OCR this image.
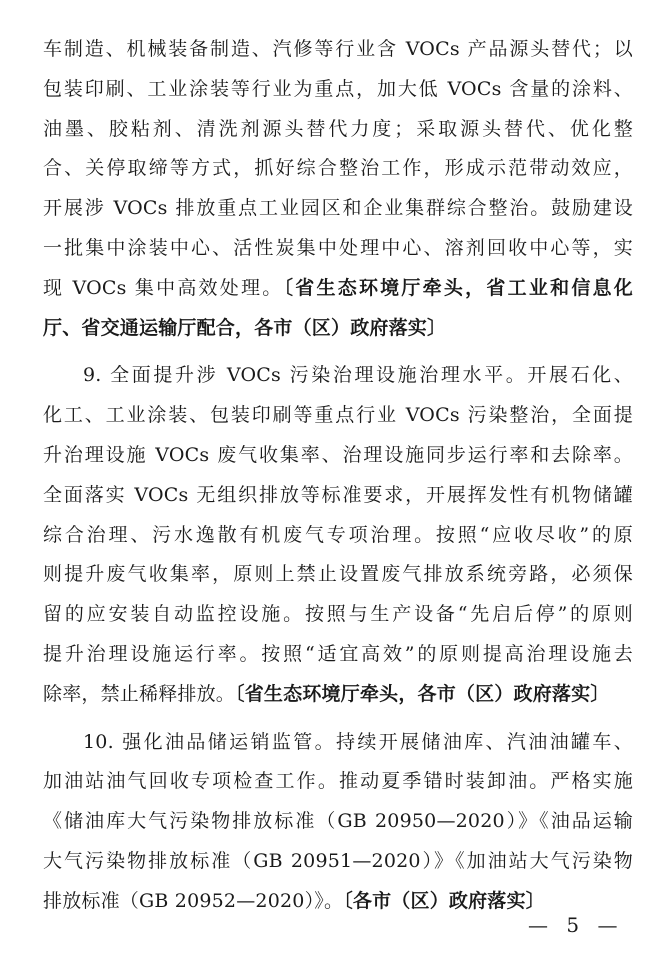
车制造、机械装备制造、汽修等行业含 VOCs 产品源头替代；以
包装印刷、工业涂装等行业为重点，加大低 VOCs 含量的涂料、
油墨、胶粘剂、清洗剂源头替代力度；采取源头替代、优化整
合、关停取缔等方式，抓好综合整治工作，形成示范带动效应，
开展涉 VOCs 排放重点工业园区和企业集群综合整治。鼓励建设
一批集中涂装中心、活性炭集中处理中心、溶剂回收中心等，实
现 VOCs 集中高效处理。〔省生态环境厅牵头，省工业和信息化
厅、省交通运输厅配合，各市（区）政府落实〕
9. 全面提升涉 VOCs 污染治理设施治理水平。开展石化、
化工、工业涂装、包装印刷等重点行业 VOCs 污染整治，全面提
升治理设施 VOCs 废气收集率、治理设施同步运行率和去除率。
全面落实 VOCs 无组织排放等标准要求，开展挥发性有机物储罐
综合治理、污水逸散有机废气专项治理。按照“应收尽收”的原
则提升废气收集率，原则上禁止设置废气排放系统旁路，必须保
留的应安装自动监控设施。按照与生产设备“先启后停”的原则
提升治理设施运行率。按照“适宜高效”的原则提高治理设施去
除率，禁止稀释排放。〔省生态环境厅牵头，各市（区）政府落实〕
10. 强化油品储运销监管。持续开展储油库、汽油油罐车、
加油站油气回收专项检查工作。推动夏季错时装卸油。严格实施
《储油库大气污染物排放标准（GB 20950—2020）》《油品运输
大气污染物排放标准（GB 20951—2020）》《加油站大气污染物
排放标准（GB 20952—2020）》。〔各市（区）政府落实〕
— 5 —
